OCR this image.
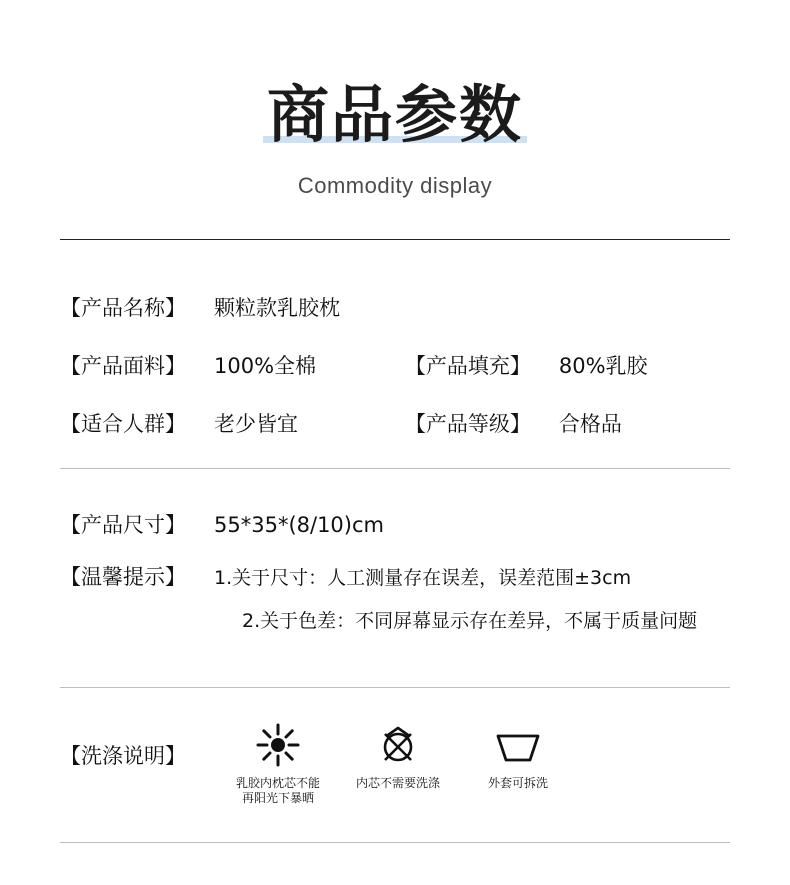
商品参数
Commodity display
【产品名称】 颗粒款乳胶枕
【产品面料】 100%全棉	【产品填充】 80%乳胶
【适合人群】 老少皆宜	【产品等级】 合格品
【产品尺寸】 55*35*(8/10)cm
【温馨提示】 1.关于尺寸：人工测量存在误差，误差范围±3cm
2.关于色差：不同屏幕显示存在差异，不属于质量问题
【洗涤说明】
乳胶内枕芯不能
再阳光下暴晒
内芯不需要洗涤	外套可拆洗
